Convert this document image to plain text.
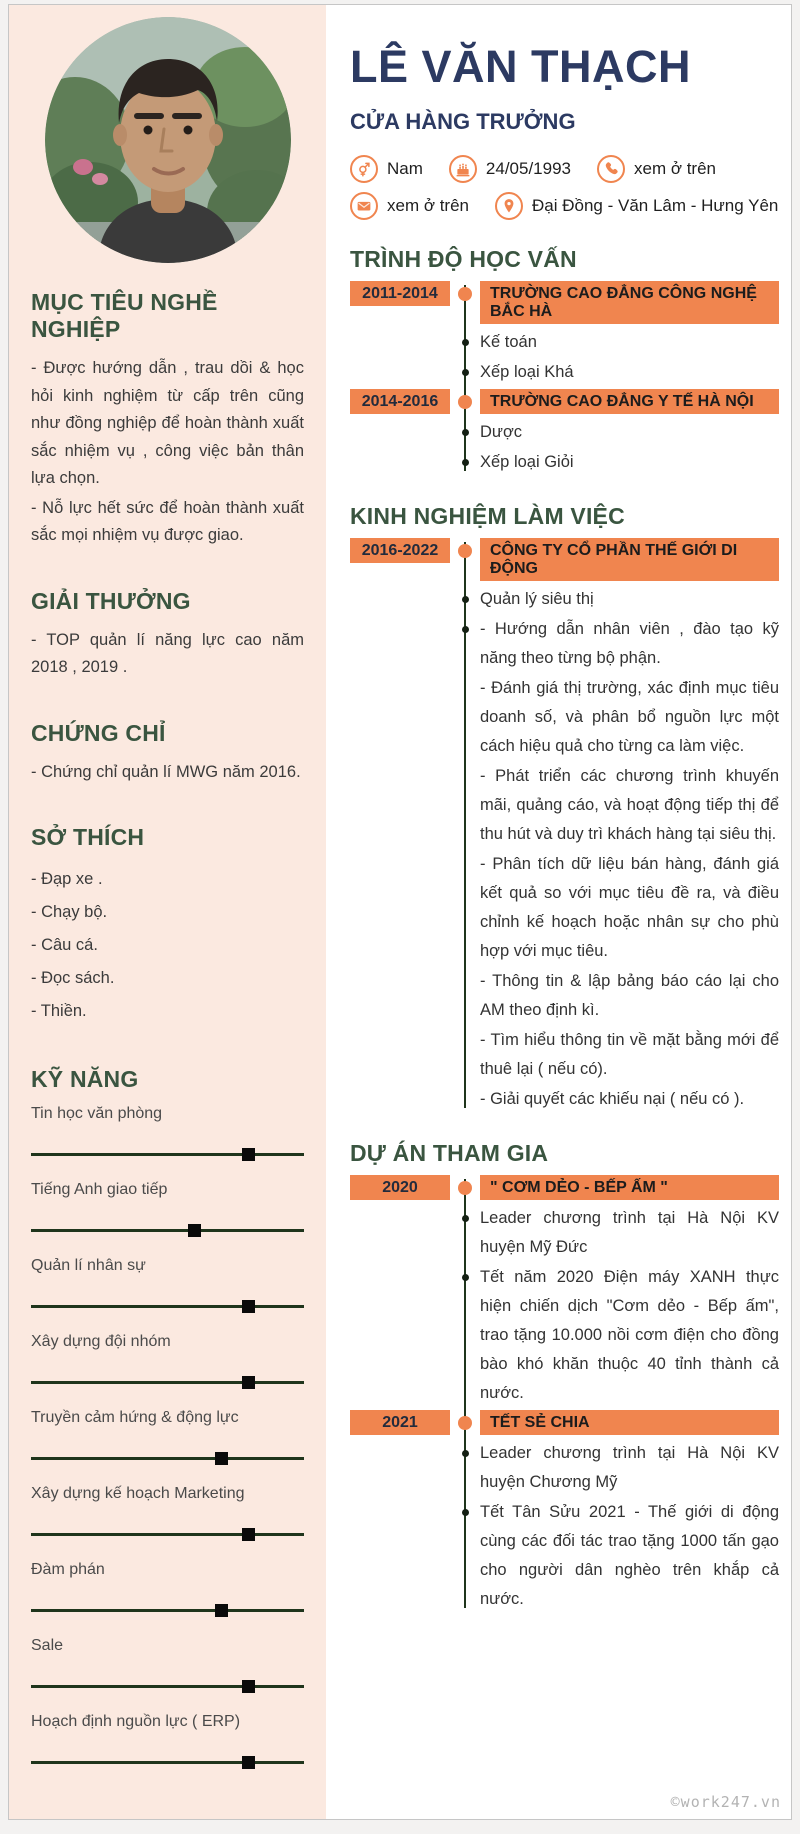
MỤC TIÊU NGHỀ NGHIỆP

- Được hướng dẫn , trau dồi & học hỏi kinh nghiệm từ cấp trên cũng như đồng nghiệp để hoàn thành xuất sắc nhiệm vụ , công việc bản thân lựa chọn.

- Nỗ lực hết sức để hoàn thành xuất sắc mọi nhiệm vụ được giao.

GIẢI THƯỞNG

- TOP quản lí năng lực cao năm 2018 , 2019 .

CHỨNG CHỈ

- Chứng chỉ quản lí MWG năm 2016.

SỞ THÍCH

- Đạp xe .

- Chạy bộ.

- Câu cá.

- Đọc sách.

- Thiền.

KỸ NĂNG
Tin học văn phòng
Tiếng Anh giao tiếp
Quản lí nhân sự
Xây dựng đội nhóm
Truyền cảm hứng & động lực
Xây dựng kế hoạch Marketing
Đàm phán
Sale
Hoạch định nguồn lực ( ERP)
LÊ VĂN THẠCH
CỬA HÀNG TRƯỞNG
Nam	24/05/1993	xem ở trên
xem ở trên	Đại Đồng - Văn Lâm - Hưng Yên
TRÌNH ĐỘ HỌC VẤN
2011-2014	TRƯỜNG CAO ĐẲNG CÔNG NGHỆ BẮC HÀ
Kế toán
Xếp loại Khá
2014-2016	TRƯỜNG CAO ĐẲNG Y TẾ HÀ NỘI
Dược
Xếp loại Giỏi
KINH NGHIỆM LÀM VIỆC
2016-2022	CÔNG TY CỔ PHẦN THẾ GIỚI DI ĐỘNG
Quản lý siêu thị
- Hướng dẫn nhân viên , đào tạo kỹ năng theo từng bộ phận.
- Đánh giá thị trường, xác định mục tiêu doanh số, và phân bổ nguồn lực một cách hiệu quả cho từng ca làm việc.
- Phát triển các chương trình khuyến mãi, quảng cáo, và hoạt động tiếp thị để thu hút và duy trì khách hàng tại siêu thị.
- Phân tích dữ liệu bán hàng, đánh giá kết quả so với mục tiêu đề ra, và điều chỉnh kế hoạch hoặc nhân sự cho phù hợp với mục tiêu.
- Thông tin & lập bảng báo cáo lại cho AM theo định kì.
- Tìm hiểu thông tin về mặt bằng mới để thuê lại ( nếu có).
- Giải quyết các khiếu nại ( nếu có ).
DỰ ÁN THAM GIA
2020	" CƠM DẺO - BẾP ẤM "
Leader chương trình tại Hà Nội KV huyện Mỹ Đức
Tết năm 2020 Điện máy XANH thực hiện chiến dịch "Cơm dẻo - Bếp ấm", trao tặng 10.000 nồi cơm điện cho đồng bào khó khăn thuộc 40 tỉnh thành cả nước.
2021	TẾT SẺ CHIA
Leader chương trình tại Hà Nội KV huyện Chương Mỹ
Tết Tân Sửu 2021 - Thế giới di động cùng các đối tác trao tặng 1000 tấn gạo cho người dân nghèo trên khắp cả nước.
©work247.vn
